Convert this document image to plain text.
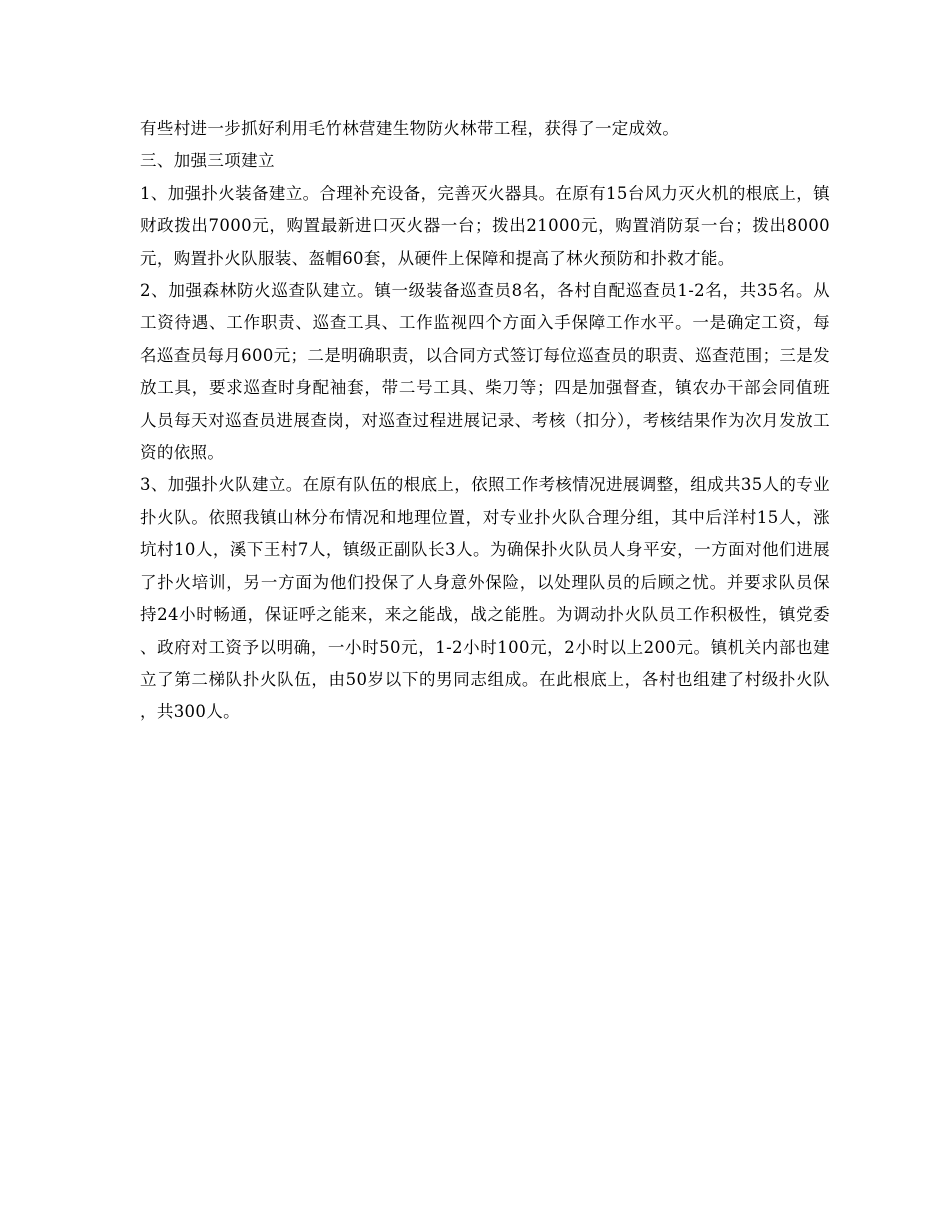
有些村进一步抓好利用毛竹林营建生物防火林带工程，获得了一定成效。

三、加强三项建立

1、加强扑火装备建立。合理补充设备，完善灭火器具。在原有15台风力灭火机的根底上，镇财政拨出7000元，购置最新进口灭火器一台；拨出21000元，购置消防泵一台；拨出8000元，购置扑火队服装、盔帽60套，从硬件上保障和提高了林火预防和扑救才能。

2、加强森林防火巡查队建立。镇一级装备巡查员8名，各村自配巡查员1-2名，共35名。从工资待遇、工作职责、巡查工具、工作监视四个方面入手保障工作水平。一是确定工资，每名巡查员每月600元；二是明确职责，以合同方式签订每位巡查员的职责、巡查范围；三是发放工具，要求巡查时身配袖套，带二号工具、柴刀等；四是加强督查，镇农办干部会同值班人员每天对巡查员进展查岗，对巡查过程进展记录、考核（扣分），考核结果作为次月发放工资的依照。

3、加强扑火队建立。在原有队伍的根底上，依照工作考核情况进展调整，组成共35人的专业扑火队。依照我镇山林分布情况和地理位置，对专业扑火队合理分组，其中后洋村15人，涨坑村10人，溪下王村7人，镇级正副队长3人。为确保扑火队员人身平安，一方面对他们进展了扑火培训，另一方面为他们投保了人身意外保险，以处理队员的后顾之忧。并要求队员保持24小时畅通，保证呼之能来，来之能战，战之能胜。为调动扑火队员工作积极性，镇党委、政府对工资予以明确，一小时50元，1-2小时100元，2小时以上200元。镇机关内部也建立了第二梯队扑火队伍，由50岁以下的男同志组成。在此根底上，各村也组建了村级扑火队，共300人。
